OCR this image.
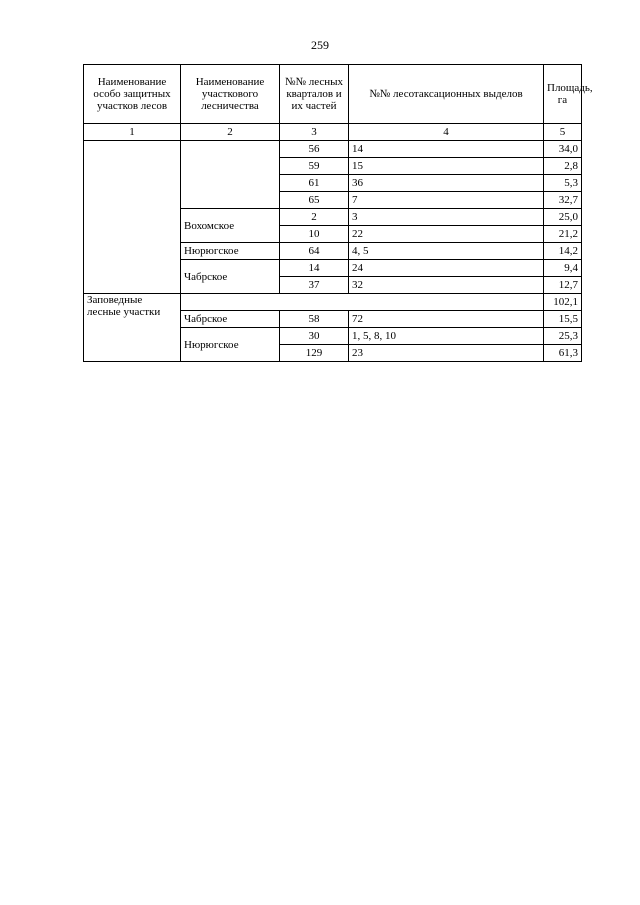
259
Наименование особо защитных участков лесов	Наименование участкового лесничества	№№ лесных кварталов и их частей	№№ лесотаксационных выделов	Площадь, га
1	2	3	4	5
		56	14	34,0
		59	15	2,8
		61	36	5,3
		65	7	32,7
	Вохомское	2	3	25,0
		10	22	21,2
	Нюрюгское	64	4, 5	14,2
	Чабрское	14	24	9,4
		37	32	12,7
Заповедные лесные участки				102,1
	Чабрское	58	72	15,5
	Нюрюгское	30	1, 5, 8, 10	25,3
		129	23	61,3
